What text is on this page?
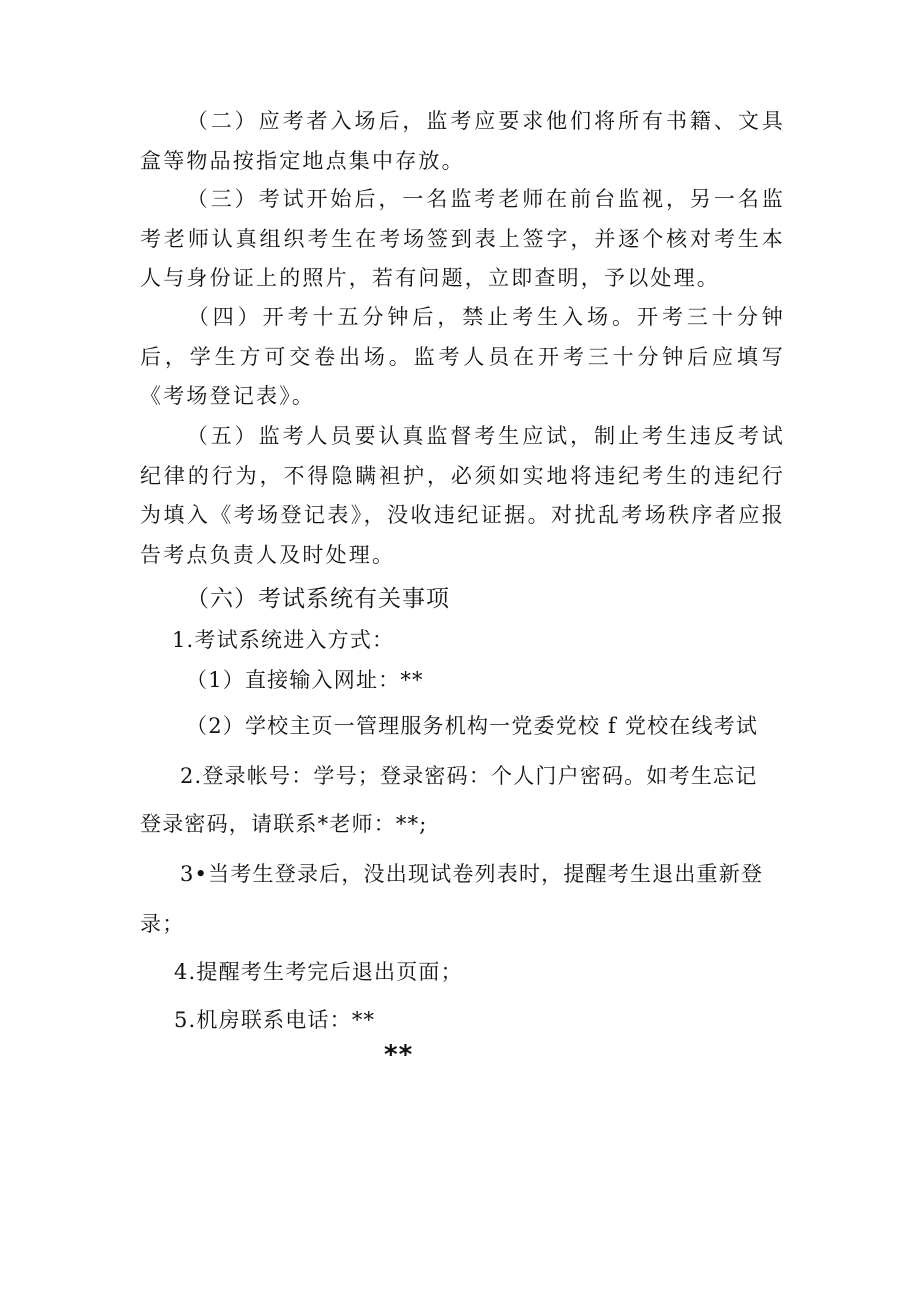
（二）应考者入场后，监考应要求他们将所有书籍、文具盒等物品按指定地点集中存放。

（三）考试开始后，一名监考老师在前台监视，另一名监考老师认真组织考生在考场签到表上签字，并逐个核对考生本人与身份证上的照片，若有问题，立即查明，予以处理。

（四）开考十五分钟后，禁止考生入场。开考三十分钟后，学生方可交卷出场。监考人员在开考三十分钟后应填写《考场登记表》。

（五）监考人员要认真监督考生应试，制止考生违反考试纪律的行为，不得隐瞒袒护，必须如实地将违纪考生的违纪行为填入《考场登记表》，没收违纪证据。对扰乱考场秩序者应报告考点负责人及时处理。

（六）考试系统有关事项

1.考试系统进入方式：

（1）直接输入网址：**

（2）学校主页一管理服务机构一党委党校 f 党校在线考试

2.登录帐号：学号；登录密码：个人门户密码。如考生忘记

登录密码，请联系*老师：**;

3•当考生登录后，没出现试卷列表时，提醒考生退出重新登

录；

4.提醒考生考完后退出页面；

5.机房联系电话：**

**
